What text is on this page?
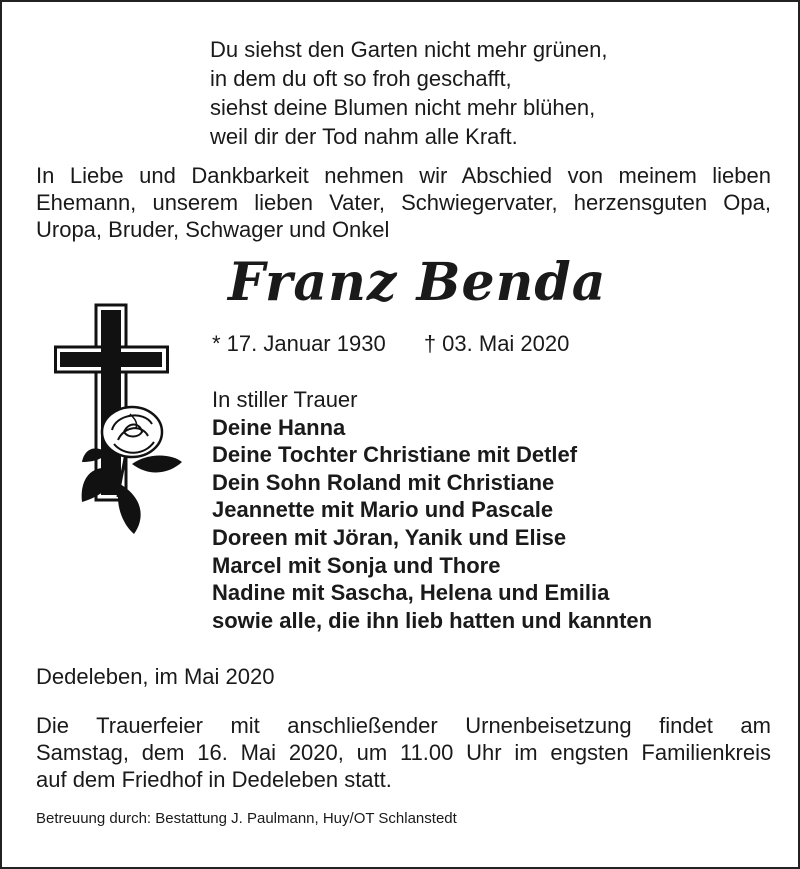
Du siehst den Garten nicht mehr grünen,
in dem du oft so froh geschafft,
siehst deine Blumen nicht mehr blühen,
weil dir der Tod nahm alle Kraft.
In Liebe und Dankbarkeit nehmen wir Abschied von meinem lieben
Ehemann, unserem lieben Vater, Schwiegervater, herzensguten Opa,
Uropa, Bruder, Schwager und Onkel
Franz Benda
* 17. Januar 1930 † 03. Mai 2020
In stiller Trauer
Deine Hanna
Deine Tochter Christiane mit Detlef
Dein Sohn Roland mit Christiane
Jeannette mit Mario und Pascale
Doreen mit Jöran, Yanik und Elise
Marcel mit Sonja und Thore
Nadine mit Sascha, Helena und Emilia
sowie alle, die ihn lieb hatten und kannten
Dedeleben, im Mai 2020
Die Trauerfeier mit anschließender Urnenbeisetzung findet am
Samstag, dem 16. Mai 2020, um 11.00 Uhr im engsten Familienkreis
auf dem Friedhof in Dedeleben statt.
Betreuung durch: Bestattung J. Paulmann, Huy/OT Schlanstedt
